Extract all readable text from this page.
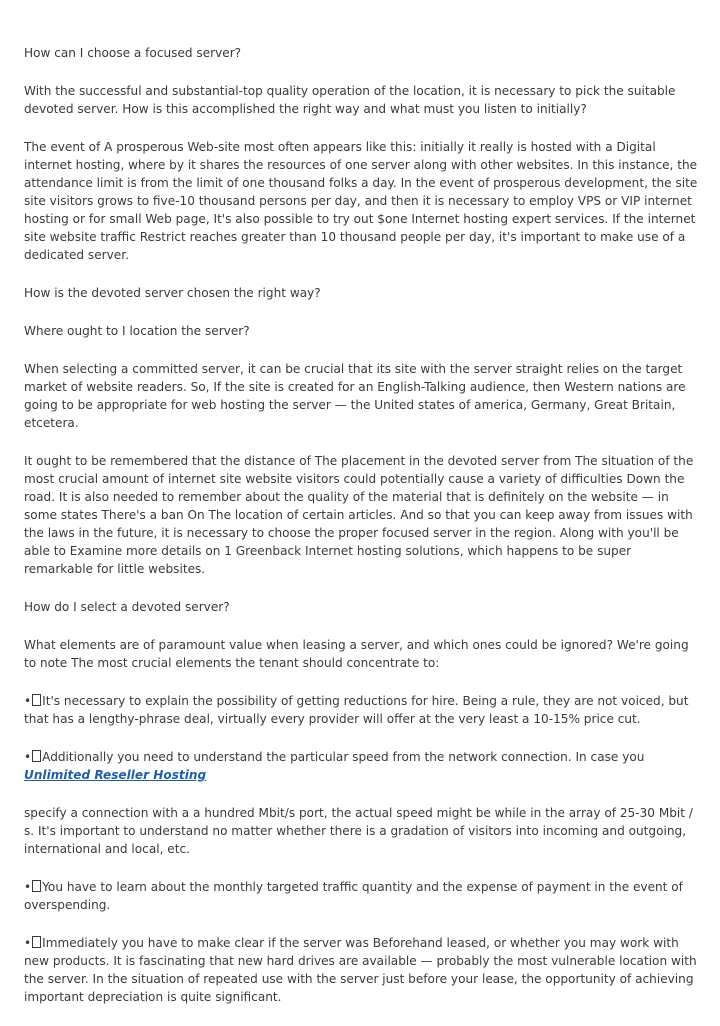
How can I choose a focused server?

With the successful and substantial-top quality operation of the location, it is necessary to pick the suitable devoted server. How is this accomplished the right way and what must you listen to initially?

The event of A prosperous Web-site most often appears like this: initially it really is hosted with a Digital internet hosting, where by it shares the resources of one server along with other websites. In this instance, the attendance limit is from the limit of one thousand folks a day. In the event of prosperous development, the site site visitors grows to five-10 thousand persons per day, and then it is necessary to employ VPS or VIP internet hosting or for small Web page, It's also possible to try out $one Internet hosting expert services. If the internet site website traffic Restrict reaches greater than 10 thousand people per day, it's important to make use of a dedicated server.

How is the devoted server chosen the right way?

Where ought to I location the server?

When selecting a committed server, it can be crucial that its site with the server straight relies on the target market of website readers. So, If the site is created for an English-Talking audience, then Western nations are going to be appropriate for web hosting the server — the United states of america, Germany, Great Britain, etcetera.

It ought to be remembered that the distance of The placement in the devoted server from The situation of the most crucial amount of internet site website visitors could potentially cause a variety of difficulties Down the road. It is also needed to remember about the quality of the material that is definitely on the website — in some states There's a ban On The location of certain articles. And so that you can keep away from issues with the laws in the future, it is necessary to choose the proper focused server in the region. Along with you'll be able to Examine more details on 1 Greenback Internet hosting solutions, which happens to be super remarkable for little websites.

How do I select a devoted server?

What elements are of paramount value when leasing a server, and which ones could be ignored? We're going to note The most crucial elements the tenant should concentrate to:

• It's necessary to explain the possibility of getting reductions for hire. Being a rule, they are not voiced, but that has a lengthy-phrase deal, virtually every provider will offer at the very least a 10-15% price cut.

• Additionally you need to understand the particular speed from the network connection. In case you Unlimited Reseller Hosting

specify a connection with a a hundred Mbit/s port, the actual speed might be while in the array of 25-30 Mbit / s. It's important to understand no matter whether there is a gradation of visitors into incoming and outgoing, international and local, etc.

• You have to learn about the monthly targeted traffic quantity and the expense of payment in the event of overspending.

• Immediately you have to make clear if the server was Beforehand leased, or whether you may work with new products. It is fascinating that new hard drives are available — probably the most vulnerable location with the server. In the situation of repeated use with the server just before your lease, the opportunity of achieving important depreciation is quite significant.
